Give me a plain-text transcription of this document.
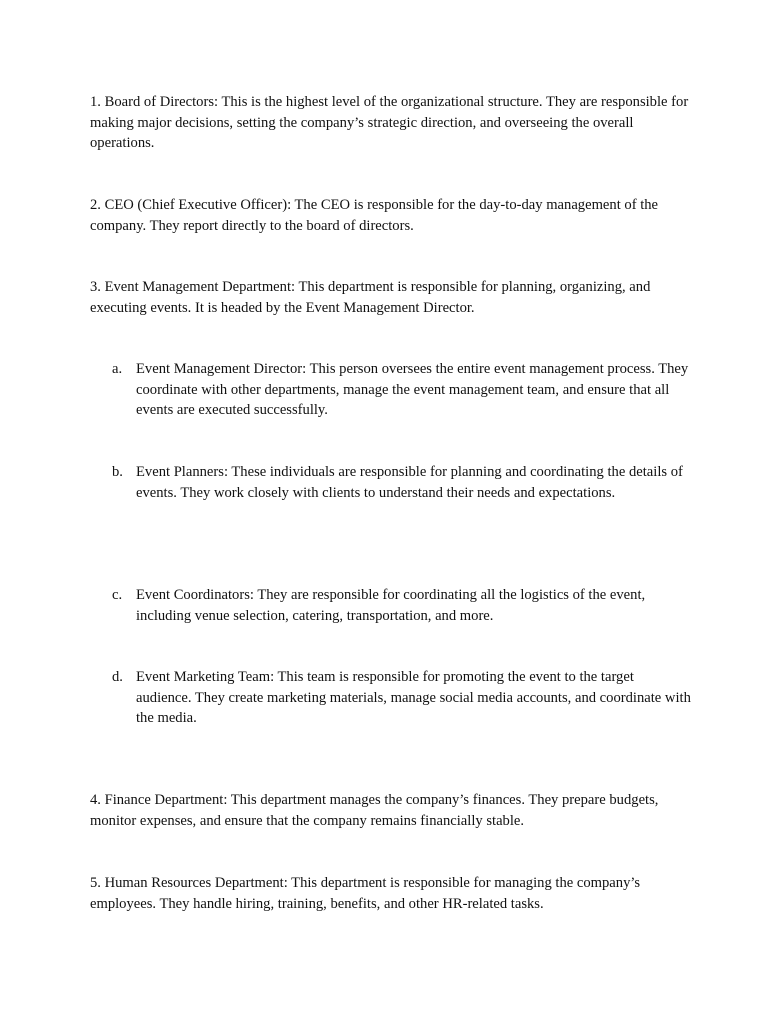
1. Board of Directors: This is the highest level of the organizational structure. They are responsible for making major decisions, setting the company’s strategic direction, and overseeing the overall operations.

2. CEO (Chief Executive Officer): The CEO is responsible for the day-to-day management of the company. They report directly to the board of directors.

3. Event Management Department: This department is responsible for planning, organizing, and executing events. It is headed by the Event Management Director.

a. Event Management Director: This person oversees the entire event management process. They coordinate with other departments, manage the event management team, and ensure that all events are executed successfully.
b. Event Planners: These individuals are responsible for planning and coordinating the details of events. They work closely with clients to understand their needs and expectations.
c. Event Coordinators: They are responsible for coordinating all the logistics of the event, including venue selection, catering, transportation, and more.
d. Event Marketing Team: This team is responsible for promoting the event to the target audience. They create marketing materials, manage social media accounts, and coordinate with the media.

4. Finance Department: This department manages the company’s finances. They prepare budgets, monitor expenses, and ensure that the company remains financially stable.

5. Human Resources Department: This department is responsible for managing the company’s employees. They handle hiring, training, benefits, and other HR-related tasks.
